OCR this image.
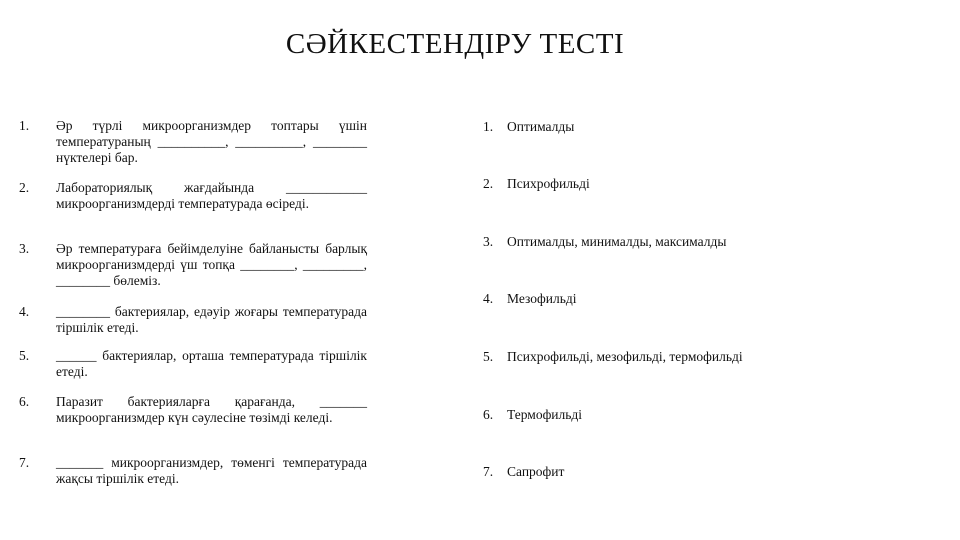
СӘЙКЕСТЕНДІРУ ТЕСТІ
1. Әр түрлі микроорганизмдер топтары үшін температураның __________, __________, ________ нүктелері бар.
2. Лабораториялық жағдайында ____________ микроорганизмдерді температурада өсіреді.
3. Әр температураға бейімделуіне байланысты барлық микроорганизмдерді үш топқа ________, _________, ________ бөлеміз.
4. ________ бактериялар, едәуір жоғары температурада тіршілік етеді.
5. ______ бактериялар, орташа температурада тіршілік етеді.
6. Паразит бактерияларға қарағанда, _______ микроорганизмдер күн сәулесіне төзімді келеді.
7. _______ микроорганизмдер, төменгі температурада жақсы тіршілік етеді.
1. Оптималды
2. Психрофильді
3. Оптималды, минималды, максималды
4. Мезофильді
5. Психрофильді, мезофильді, термофильді
6. Термофильді
7. Сапрофит
